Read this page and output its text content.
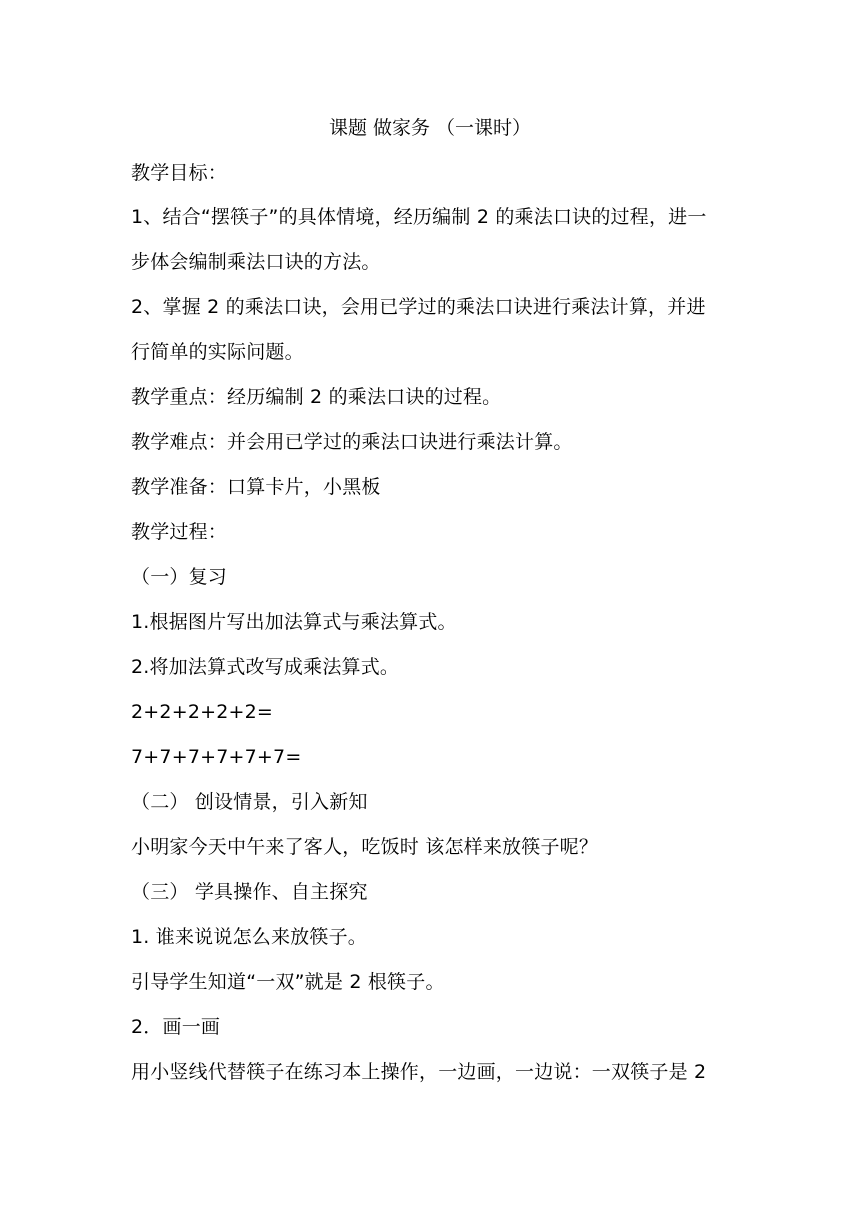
课题 做家务 （一课时）
教学目标：
1、结合“摆筷子”的具体情境，经历编制 2 的乘法口诀的过程，进一
步体会编制乘法口诀的方法。
2、掌握 2 的乘法口诀，会用已学过的乘法口诀进行乘法计算，并进
行简单的实际问题。
教学重点：经历编制 2 的乘法口诀的过程。
教学难点：并会用已学过的乘法口诀进行乘法计算。
教学准备：口算卡片，小黑板
教学过程：
（一）复习
1.根据图片写出加法算式与乘法算式。
2.将加法算式改写成乘法算式。
2+2+2+2+2=
7+7+7+7+7+7=
（二） 创设情景，引入新知
小明家今天中午来了客人，吃饭时 该怎样来放筷子呢？
（三） 学具操作、自主探究
1. 谁来说说怎么来放筷子。
引导学生知道“一双”就是 2 根筷子。
2．画一画
用小竖线代替筷子在练习本上操作，一边画，一边说：一双筷子是 2
